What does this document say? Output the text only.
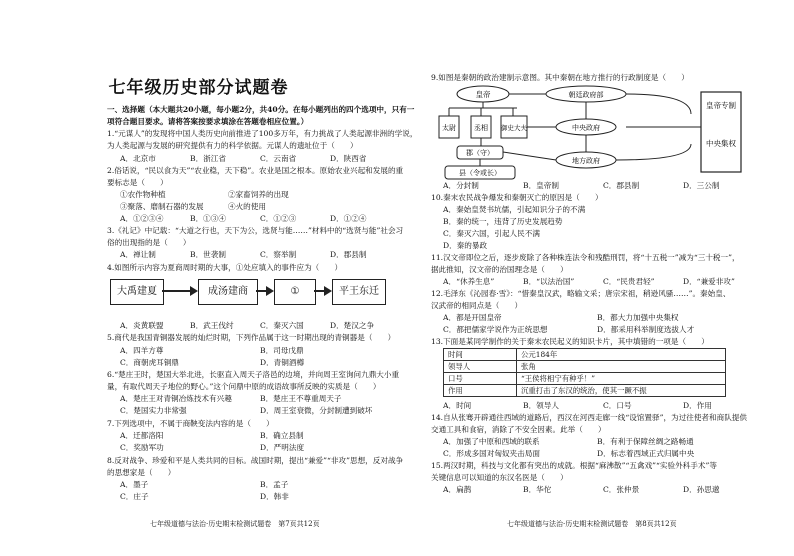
七年级历史部分试题卷
一、选择题（本大题共20小题，每小题2分，共40分。在每小题列出的四个选项中，只有一
项符合题目要求。请将答案按要求填涂在答题卷相应位置。）
1.“元谋人”的发现将中国人类历史向前推进了100多万年，有力挑战了人类起源非洲的学说，
为人类起源与发展的研究提供有力的科学依据。元谋人的遗址位于（　　）
A．北京市	B．浙江省	C．云南省	D．陕西省
2.俗话说，“民以食为天”“农业稳，天下稳”。农业是国之根本。原始农业兴起和发展的重
要标志是（　　）
①农作物种植	②家畜饲养的出现
③聚落、磨制石器的发展	④火的使用
A．①②③④	B．①③④	C．①②③	D．①②④
3.《礼记》中记载：“大道之行也，天下为公，选贤与能……”材料中的“选贤与能”社会习
俗的出现指的是（　　）
A．禅让制	B．世袭制	C．察举制	D．郡县制
4.如图所示内容为夏商周时期的大事，①处应填入的事件应为（　　）
大禹建夏	成汤建商	①	平王东迁
A．炎黄联盟	B．武王伐纣	C．秦灭六国	D．楚汉之争
5.商代是我国青铜器发展的灿烂时期，下列作品属于这一时期出现的青铜器是（　　）
A．四羊方尊	B．司母戊鼎
C．商朝虎耳铜鼎	D．青铜酒樽
6.“楚庄王时，楚国大举北进，长驱直入周天子洛邑的边境，并向周王室询问九鼎大小重
量，有取代周天子地位的野心。”这个问鼎中原的成语故事所反映的实质是（　　）
A．楚庄王对青铜冶炼技术有兴趣	B．楚庄王不尊重周天子
C．楚国实力非常强	D．周王室衰微，分封制遭到破坏
7.下列选项中，不属于商鞅变法内容的是（　　）
A．迁都洛阳	B．确立县制
C．奖励军功	D．严明法度
8.反对战争、珍爱和平是人类共同的目标。战国时期，提出“兼爱”“非攻”思想，反对战争
的思想家是（　　）
A．墨子	B．孟子
C．庄子	D．韩非
七年级道德与法治·历史期末检测试题卷　第7页共12页
9.如图是秦朝的政治建制示意图。其中秦朝在地方推行的行政制度是（　　）
皇帝	朝廷政府部
太尉	丞相 御史大夫	中央政府
地方政府
郡（守）
县（令或长）
皇帝专制
中央集权
A．分封制	B．皇帝制	C．郡县制	D．三公制
10.秦末农民战争爆发和秦朝灭亡的原因是（　　）
A．秦始皇焚书坑儒，引起知识分子的不满
B．秦的统一，违背了历史发展趋势
C．秦灭六国，引起人民不满
D．秦的暴政
11.汉文帝即位之后，逐步废除了各种株连法令和残酷刑罚，将“十五税一”减为“三十税一”，
据此推知，汉文帝的治国理念是（　　）
A．“休养生息”	B．“以法治国”	C．“民贵君轻”	D．“兼爱非攻”
12.毛泽东《沁园春·雪》：“惜秦皇汉武，略输文采；唐宗宋祖，稍逊风骚……”。秦始皇、
汉武帝的相同点是（　　）
A．都是开国皇帝	B．都大力加强中央集权
C．都把儒家学说作为正统思想	D．都采用科举制度选拔人才
13.下面是某同学制作的关于秦末农民起义的知识卡片，其中填错的一项是（　　）
时间	公元184年
领导人	张角
口号	“王侯将相宁有种乎！”
作用	沉重打击了东汉的统治，使其一蹶不振
A．时间	B．领导人	C．口号	D．作用
14.自从张骞开辟通往西域的道路后，西汉在河西走廊一线“设馆置驿”，为过往使者和商队提供
交通工具和食宿，消除了不安全因素。此举（　　）
A．加强了中原和西域的联系	B．有利于保障丝绸之路畅通
C．形成多国对匈奴夹击局面	D．标志着西域正式归属中央
15.两汉时期，科技与文化都有突出的成就。根据“麻沸散”“五禽戏”“实验外科手术”等
关键信息可以知道的东汉名医是（　　）
A．扁鹊	B．华佗	C．张仲景	D．孙思邈
七年级道德与法治·历史期末检测试题卷　第8页共12页
